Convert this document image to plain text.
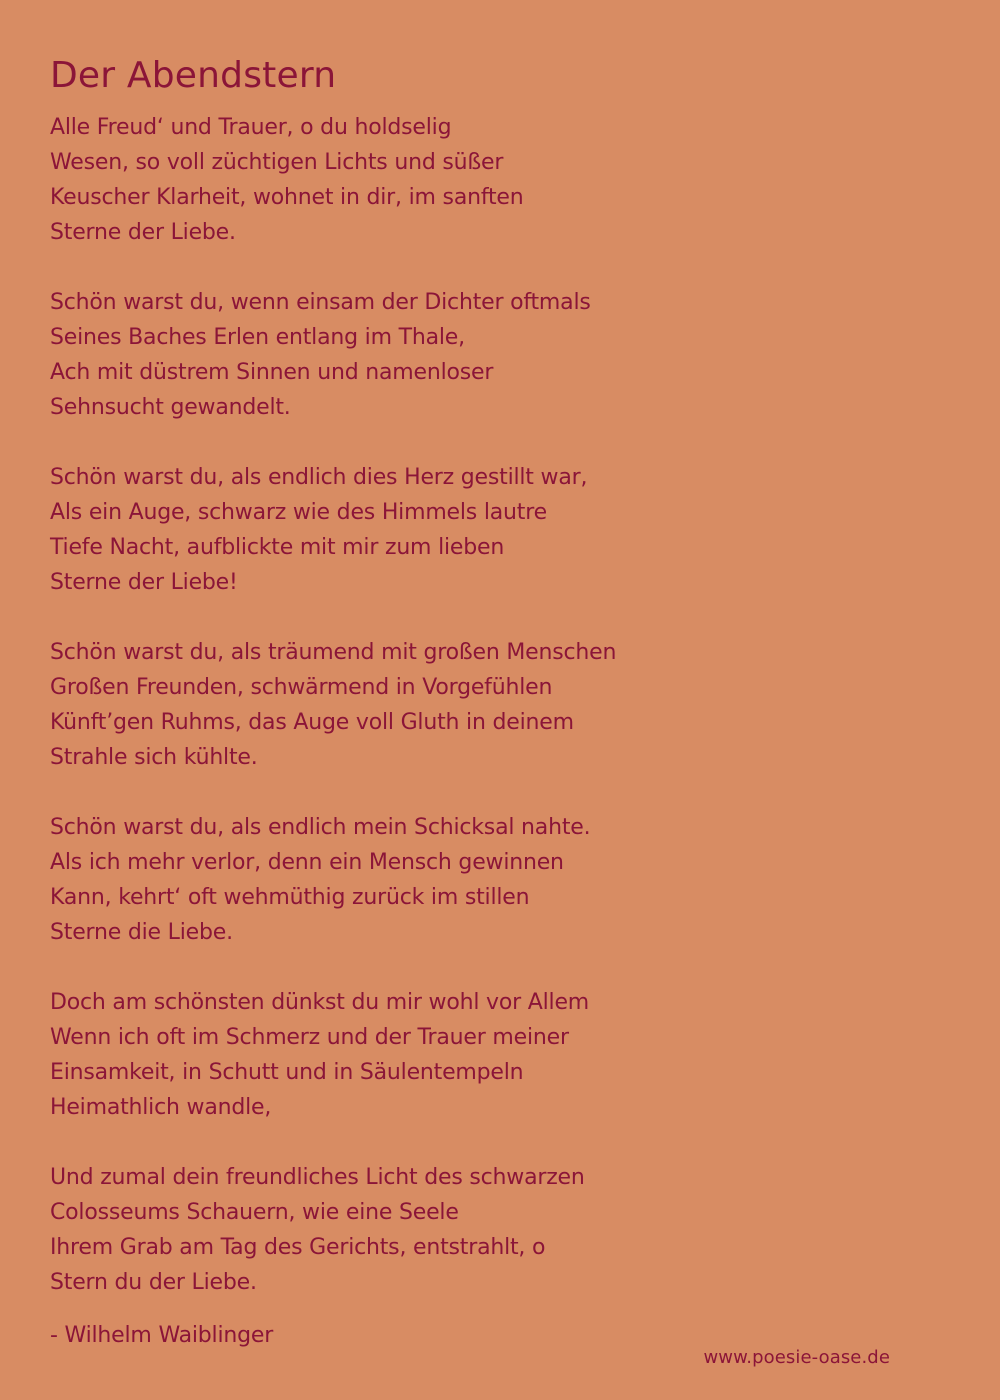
Der Abendstern
Alle Freud‘ und Trauer, o du holdselig
Wesen, so voll züchtigen Lichts und süßer
Keuscher Klarheit, wohnet in dir, im sanften
Sterne der Liebe.
Schön warst du, wenn einsam der Dichter oftmals
Seines Baches Erlen entlang im Thale,
Ach mit düstrem Sinnen und namenloser
Sehnsucht gewandelt.
Schön warst du, als endlich dies Herz gestillt war,
Als ein Auge, schwarz wie des Himmels lautre
Tiefe Nacht, aufblickte mit mir zum lieben
Sterne der Liebe!
Schön warst du, als träumend mit großen Menschen
Großen Freunden, schwärmend in Vorgefühlen
Künft’gen Ruhms, das Auge voll Gluth in deinem
Strahle sich kühlte.
Schön warst du, als endlich mein Schicksal nahte.
Als ich mehr verlor, denn ein Mensch gewinnen
Kann, kehrt‘ oft wehmüthig zurück im stillen
Sterne die Liebe.
Doch am schönsten dünkst du mir wohl vor Allem
Wenn ich oft im Schmerz und der Trauer meiner
Einsamkeit, in Schutt und in Säulentempeln
Heimathlich wandle,
Und zumal dein freundliches Licht des schwarzen
Colosseums Schauern, wie eine Seele
Ihrem Grab am Tag des Gerichts, entstrahlt, o
Stern du der Liebe.
- Wilhelm Waiblinger
www.poesie-oase.de
